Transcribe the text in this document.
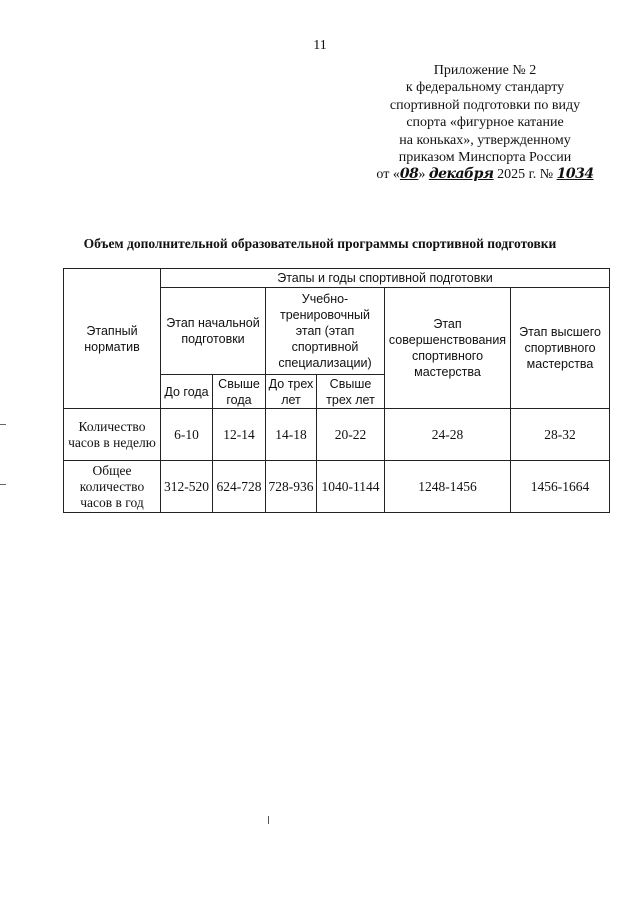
11
Приложение № 2
к федеральному стандарту
спортивной подготовки по виду
спорта «фигурное катание
на коньках», утвержденному
приказом Минспорта России
от «08» декабря 2025 г. № 1034
Объем дополнительной образовательной программы спортивной подготовки
Этапный норматив	Этапы и годы спортивной подготовки					
	Этап начальной подготовки		Учебно-тренировочный этап (этап спортивной специализации)		Этап совершенствования спортивного мастерства	Этап высшего спортивного мастерства
	До года	Свыше года	До трех лет	Свыше трех лет		
Количество часов в неделю	6-10	12-14	14-18	20-22	24-28	28-32
Общее количество часов в год	312-520	624-728	728-936	1040-1144	1248-1456	1456-1664
